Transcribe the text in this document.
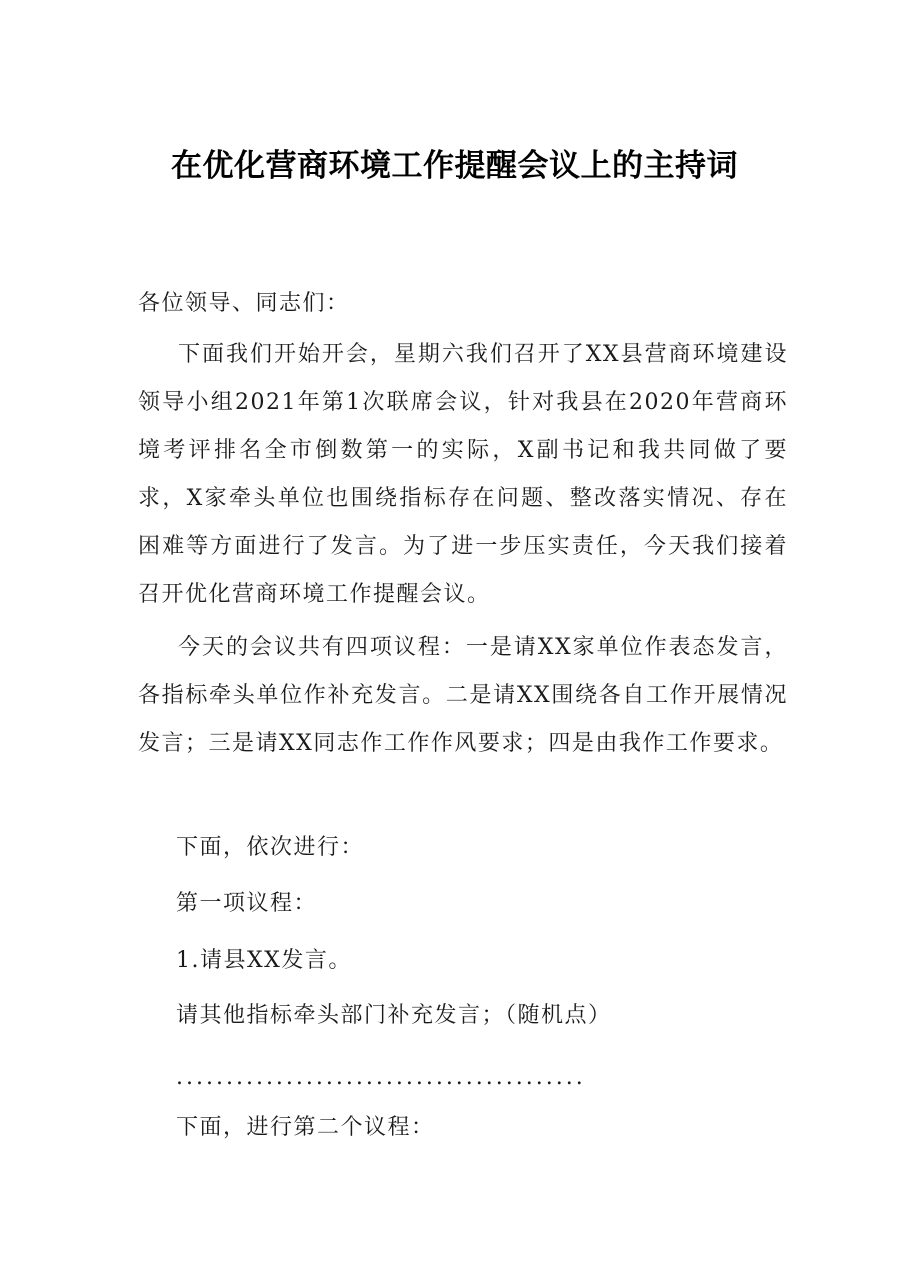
在优化营商环境工作提醒会议上的主持词

各位领导、同志们：

下面我们开始开会，星期六我们召开了XX县营商环境建设领导小组2021年第1次联席会议，针对我县在2020年营商环境考评排名全市倒数第一的实际，X副书记和我共同做了要求，X家牵头单位也围绕指标存在问题、整改落实情况、存在困难等方面进行了发言。为了进一步压实责任，今天我们接着召开优化营商环境工作提醒会议。

今天的会议共有四项议程：一是请XX家单位作表态发言，各指标牵头单位作补充发言。二是请XX围绕各自工作开展情况发言；三是请XX同志作工作作风要求；四是由我作工作要求。

下面，依次进行：
第一项议程：
1.请县XX发言。
请其他指标牵头部门补充发言；（随机点）
.........................................
下面，进行第二个议程：
